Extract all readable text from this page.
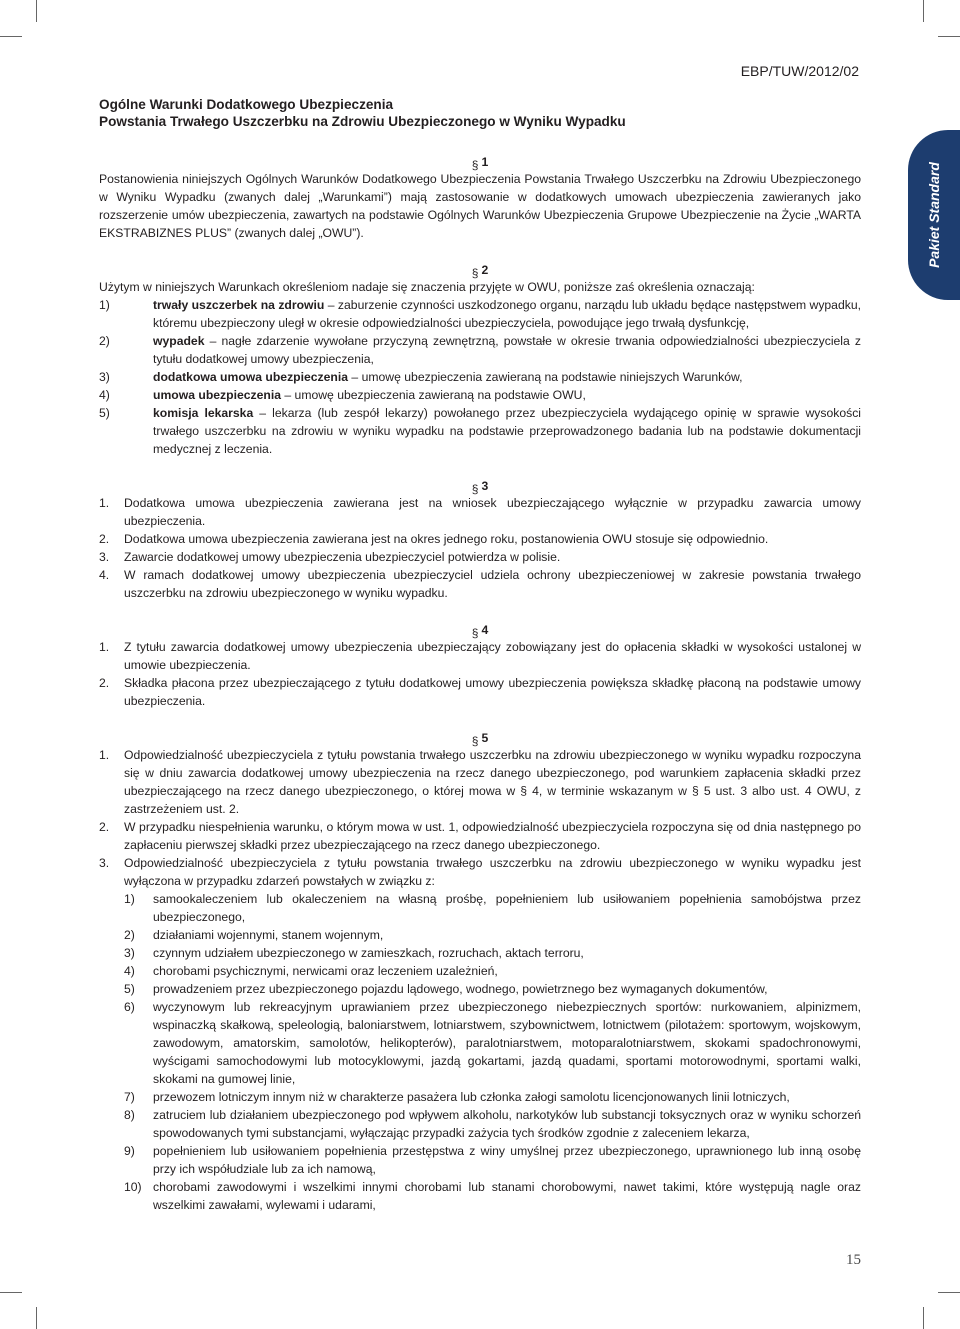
EBP/TUW/2012/02
Ogólne Warunki Dodatkowego Ubezpieczenia
Powstania Trwałego Uszczerbku na Zdrowiu Ubezpieczonego w Wyniku Wypadku
Pakiet Standard
§ 1

Postanowienia niniejszych Ogólnych Warunków Dodatkowego Ubezpieczenia Powstania Trwałego Uszczerbku na Zdrowiu Ubezpieczonego w Wyniku Wypadku (zwanych dalej „Warunkami”) mają zastosowanie w dodatkowych umowach ubezpieczenia zawieranych jako rozszerzenie umów ubezpieczenia, zawartych na podstawie Ogólnych Warunków Ubezpieczenia Grupowe Ubezpieczenie na Życie „WARTA EKSTRABIZNES PLUS” (zwanych dalej „OWU”).

§ 2

Użytym w niniejszych Warunkach określeniom nadaje się znaczenia przyjęte w OWU, poniższe zaś określenia oznaczają:

1)	trwały uszczerbek na zdrowiu – zaburzenie czynności uszkodzonego organu, narządu lub układu będące następstwem wypadku, któremu ubezpieczony uległ w okresie odpowiedzialności ubezpieczyciela, powodujące jego trwałą dysfunkcję,
2)	wypadek – nagłe zdarzenie wywołane przyczyną zewnętrzną, powstałe w okresie trwania odpowiedzialności ubezpieczyciela z tytułu dodatkowej umowy ubezpieczenia,
3)	dodatkowa umowa ubezpieczenia – umowę ubezpieczenia zawieraną na podstawie niniejszych Warunków,
4)	umowa ubezpieczenia – umowę ubezpieczenia zawieraną na podstawie OWU,
5)	komisja lekarska – lekarza (lub zespół lekarzy) powołanego przez ubezpieczyciela wydającego opinię w sprawie wysokości trwałego uszczerbku na zdrowiu w wyniku wypadku na podstawie przeprowadzonego badania lub na podstawie dokumentacji medycznej z leczenia.
§ 3
1. Dodatkowa umowa ubezpieczenia zawierana jest na wniosek ubezpieczającego wyłącznie w przypadku zawarcia umowy ubezpieczenia.
2. Dodatkowa umowa ubezpieczenia zawierana jest na okres jednego roku, postanowienia OWU stosuje się odpowiednio.
3. Zawarcie dodatkowej umowy ubezpieczenia ubezpieczyciel potwierdza w polisie.
4. W ramach dodatkowej umowy ubezpieczenia ubezpieczyciel udziela ochrony ubezpieczeniowej w zakresie powstania trwałego uszczerbku na zdrowiu ubezpieczonego w wyniku wypadku.
§ 4
1. Z tytułu zawarcia dodatkowej umowy ubezpieczenia ubezpieczający zobowiązany jest do opłacenia składki w wysokości ustalonej w umowie ubezpieczenia.
2. Składka płacona przez ubezpieczającego z tytułu dodatkowej umowy ubezpieczenia powiększa składkę płaconą na podstawie umowy ubezpieczenia.
§ 5
1. Odpowiedzialność ubezpieczyciela z tytułu powstania trwałego uszczerbku na zdrowiu ubezpieczonego w wyniku wypadku rozpoczyna się w dniu zawarcia dodatkowej umowy ubezpieczenia na rzecz danego ubezpieczonego, pod warunkiem zapłacenia składki przez ubezpieczającego na rzecz danego ubezpieczonego, o której mowa w § 4, w terminie wskazanym w § 5 ust. 3 albo ust. 4 OWU, z zastrzeżeniem ust. 2.
2. W przypadku niespełnienia warunku, o którym mowa w ust. 1, odpowiedzialność ubezpieczyciela rozpoczyna się od dnia następnego po zapłaceniu pierwszej składki przez ubezpieczającego na rzecz danego ubezpieczonego.
3. Odpowiedzialność ubezpieczyciela z tytułu powstania trwałego uszczerbku na zdrowiu ubezpieczonego w wyniku wypadku jest wyłączona w przypadku zdarzeń powstałych w związku z:
1) samookaleczeniem lub okaleczeniem na własną prośbę, popełnieniem lub usiłowaniem popełnienia samobójstwa przez ubezpieczonego,
2) działaniami wojennymi, stanem wojennym,
3) czynnym udziałem ubezpieczonego w zamieszkach, rozruchach, aktach terroru,
4) chorobami psychicznymi, nerwicami oraz leczeniem uzależnień,
5) prowadzeniem przez ubezpieczonego pojazdu lądowego, wodnego, powietrznego bez wymaganych dokumentów,
6) wyczynowym lub rekreacyjnym uprawianiem przez ubezpieczonego niebezpiecznych sportów: nurkowaniem, alpinizmem, wspinaczką skałkową, speleologią, baloniarstwem, lotniarstwem, szybownictwem, lotnictwem (pilotażem: sportowym, wojskowym, zawodowym, amatorskim, samolotów, helikopterów), paralotniarstwem, motoparalotniarstwem, skokami spadochronowymi, wyścigami samochodowymi lub motocyklowymi, jazdą gokartami, jazdą quadami, sportami motorowodnymi, sportami walki, skokami na gumowej linie,
7) przewozem lotniczym innym niż w charakterze pasażera lub członka załogi samolotu licencjonowanych linii lotniczych,
8) zatruciem lub działaniem ubezpieczonego pod wpływem alkoholu, narkotyków lub substancji toksycznych oraz w wyniku schorzeń spowodowanych tymi substancjami, wyłączając przypadki zażycia tych środków zgodnie z zaleceniem lekarza,
9) popełnieniem lub usiłowaniem popełnienia przestępstwa z winy umyślnej przez ubezpieczonego, uprawnionego lub inną osobę przy ich współudziale lub za ich namową,
10) chorobami zawodowymi i wszelkimi innymi chorobami lub stanami chorobowymi, nawet takimi, które występują nagle oraz wszelkimi zawałami, wylewami i udarami,
15
